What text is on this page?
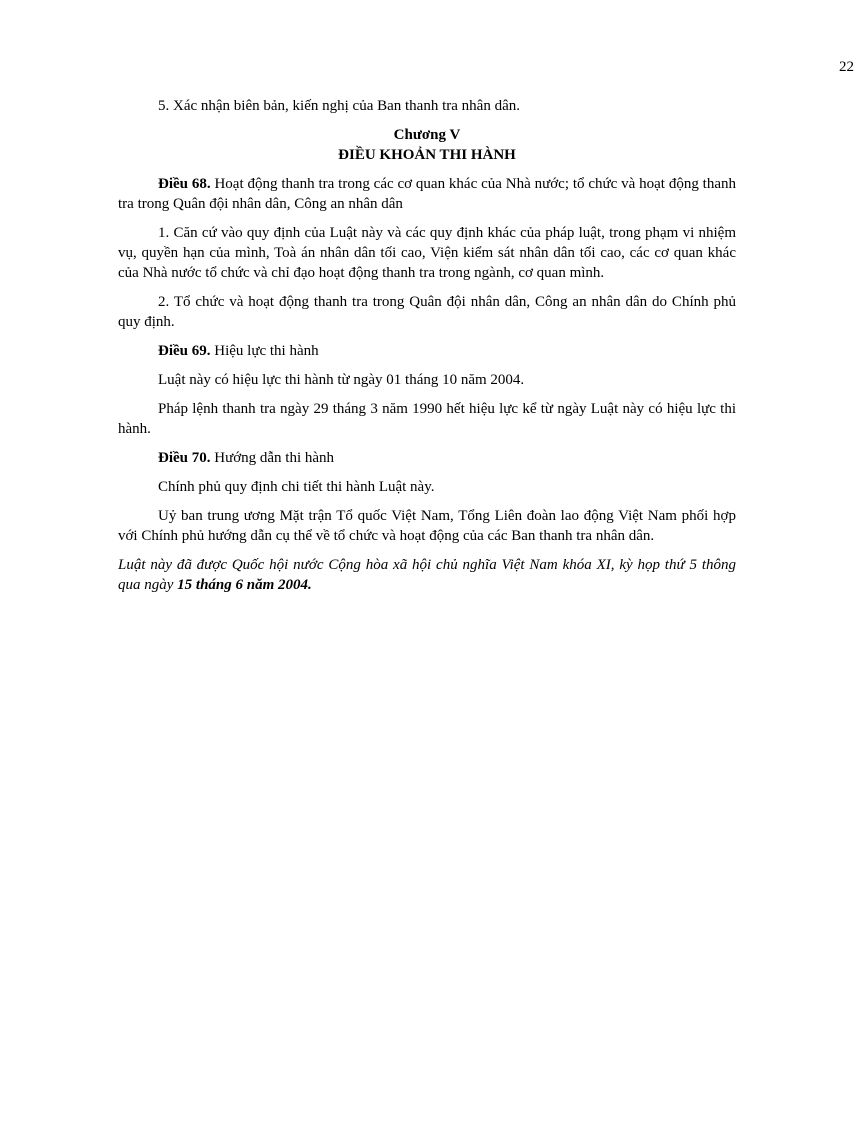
22

5. Xác nhận biên bản, kiến nghị của Ban thanh tra nhân dân.

Chương V
ĐIỀU KHOẢN THI HÀNH

Điều 68. Hoạt động thanh tra trong các cơ quan khác của Nhà nước; tổ chức và hoạt động thanh tra trong Quân đội nhân dân, Công an nhân dân

1. Căn cứ vào quy định của Luật này và các quy định khác của pháp luật, trong phạm vi nhiệm vụ, quyền hạn của mình, Toà án nhân dân tối cao, Viện kiểm sát nhân dân tối cao, các cơ quan khác của Nhà nước tổ chức và chỉ đạo hoạt động thanh tra trong ngành, cơ quan mình.

2. Tổ chức và hoạt động thanh tra trong Quân đội nhân dân, Công an nhân dân do Chính phủ quy định.

Điều 69. Hiệu lực thi hành

Luật này có hiệu lực thi hành từ ngày 01 tháng 10 năm 2004.

Pháp lệnh thanh tra ngày 29 tháng 3 năm 1990 hết hiệu lực kể từ ngày Luật này có hiệu lực thi hành.

Điều 70. Hướng dẫn thi hành

Chính phủ quy định chi tiết thi hành Luật này.

Uỷ ban trung ương Mặt trận Tổ quốc Việt Nam, Tổng Liên đoàn lao động Việt Nam phối hợp với Chính phủ hướng dẫn cụ thể về tổ chức và hoạt động của các Ban thanh tra nhân dân.

Luật này đã được Quốc hội nước Cộng hòa xã hội chủ nghĩa Việt Nam khóa XI, kỳ họp thứ 5 thông qua ngày 15 tháng 6 năm 2004.
